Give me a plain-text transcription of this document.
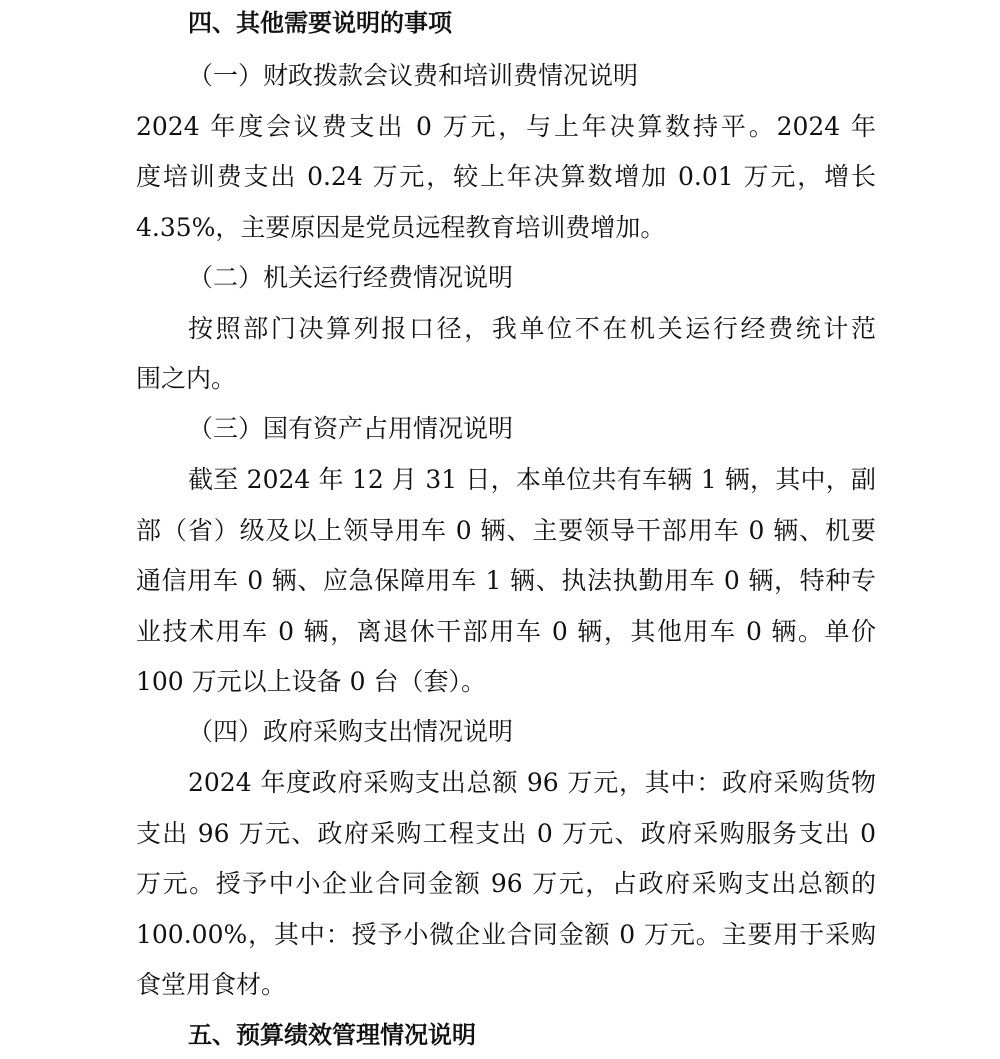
四、其他需要说明的事项
（一）财政拨款会议费和培训费情况说明
2024 年度会议费支出 0 万元，与上年决算数持平。2024 年
度培训费支出 0.24 万元，较上年决算数增加 0.01 万元，增长
4.35%，主要原因是党员远程教育培训费增加。
（二）机关运行经费情况说明
按照部门决算列报口径，我单位不在机关运行经费统计范
围之内。
（三）国有资产占用情况说明
截至 2024 年 12 月 31 日，本单位共有车辆 1 辆，其中，副
部（省）级及以上领导用车 0 辆、主要领导干部用车 0 辆、机要
通信用车 0 辆、应急保障用车 1 辆、执法执勤用车 0 辆，特种专
业技术用车 0 辆，离退休干部用车 0 辆，其他用车 0 辆。单价
100 万元以上设备 0 台（套）。
（四）政府采购支出情况说明
2024 年度政府采购支出总额 96 万元，其中：政府采购货物
支出 96 万元、政府采购工程支出 0 万元、政府采购服务支出 0
万元。授予中小企业合同金额 96 万元，占政府采购支出总额的
100.00%，其中：授予小微企业合同金额 0 万元。主要用于采购
食堂用食材。
五、预算绩效管理情况说明
